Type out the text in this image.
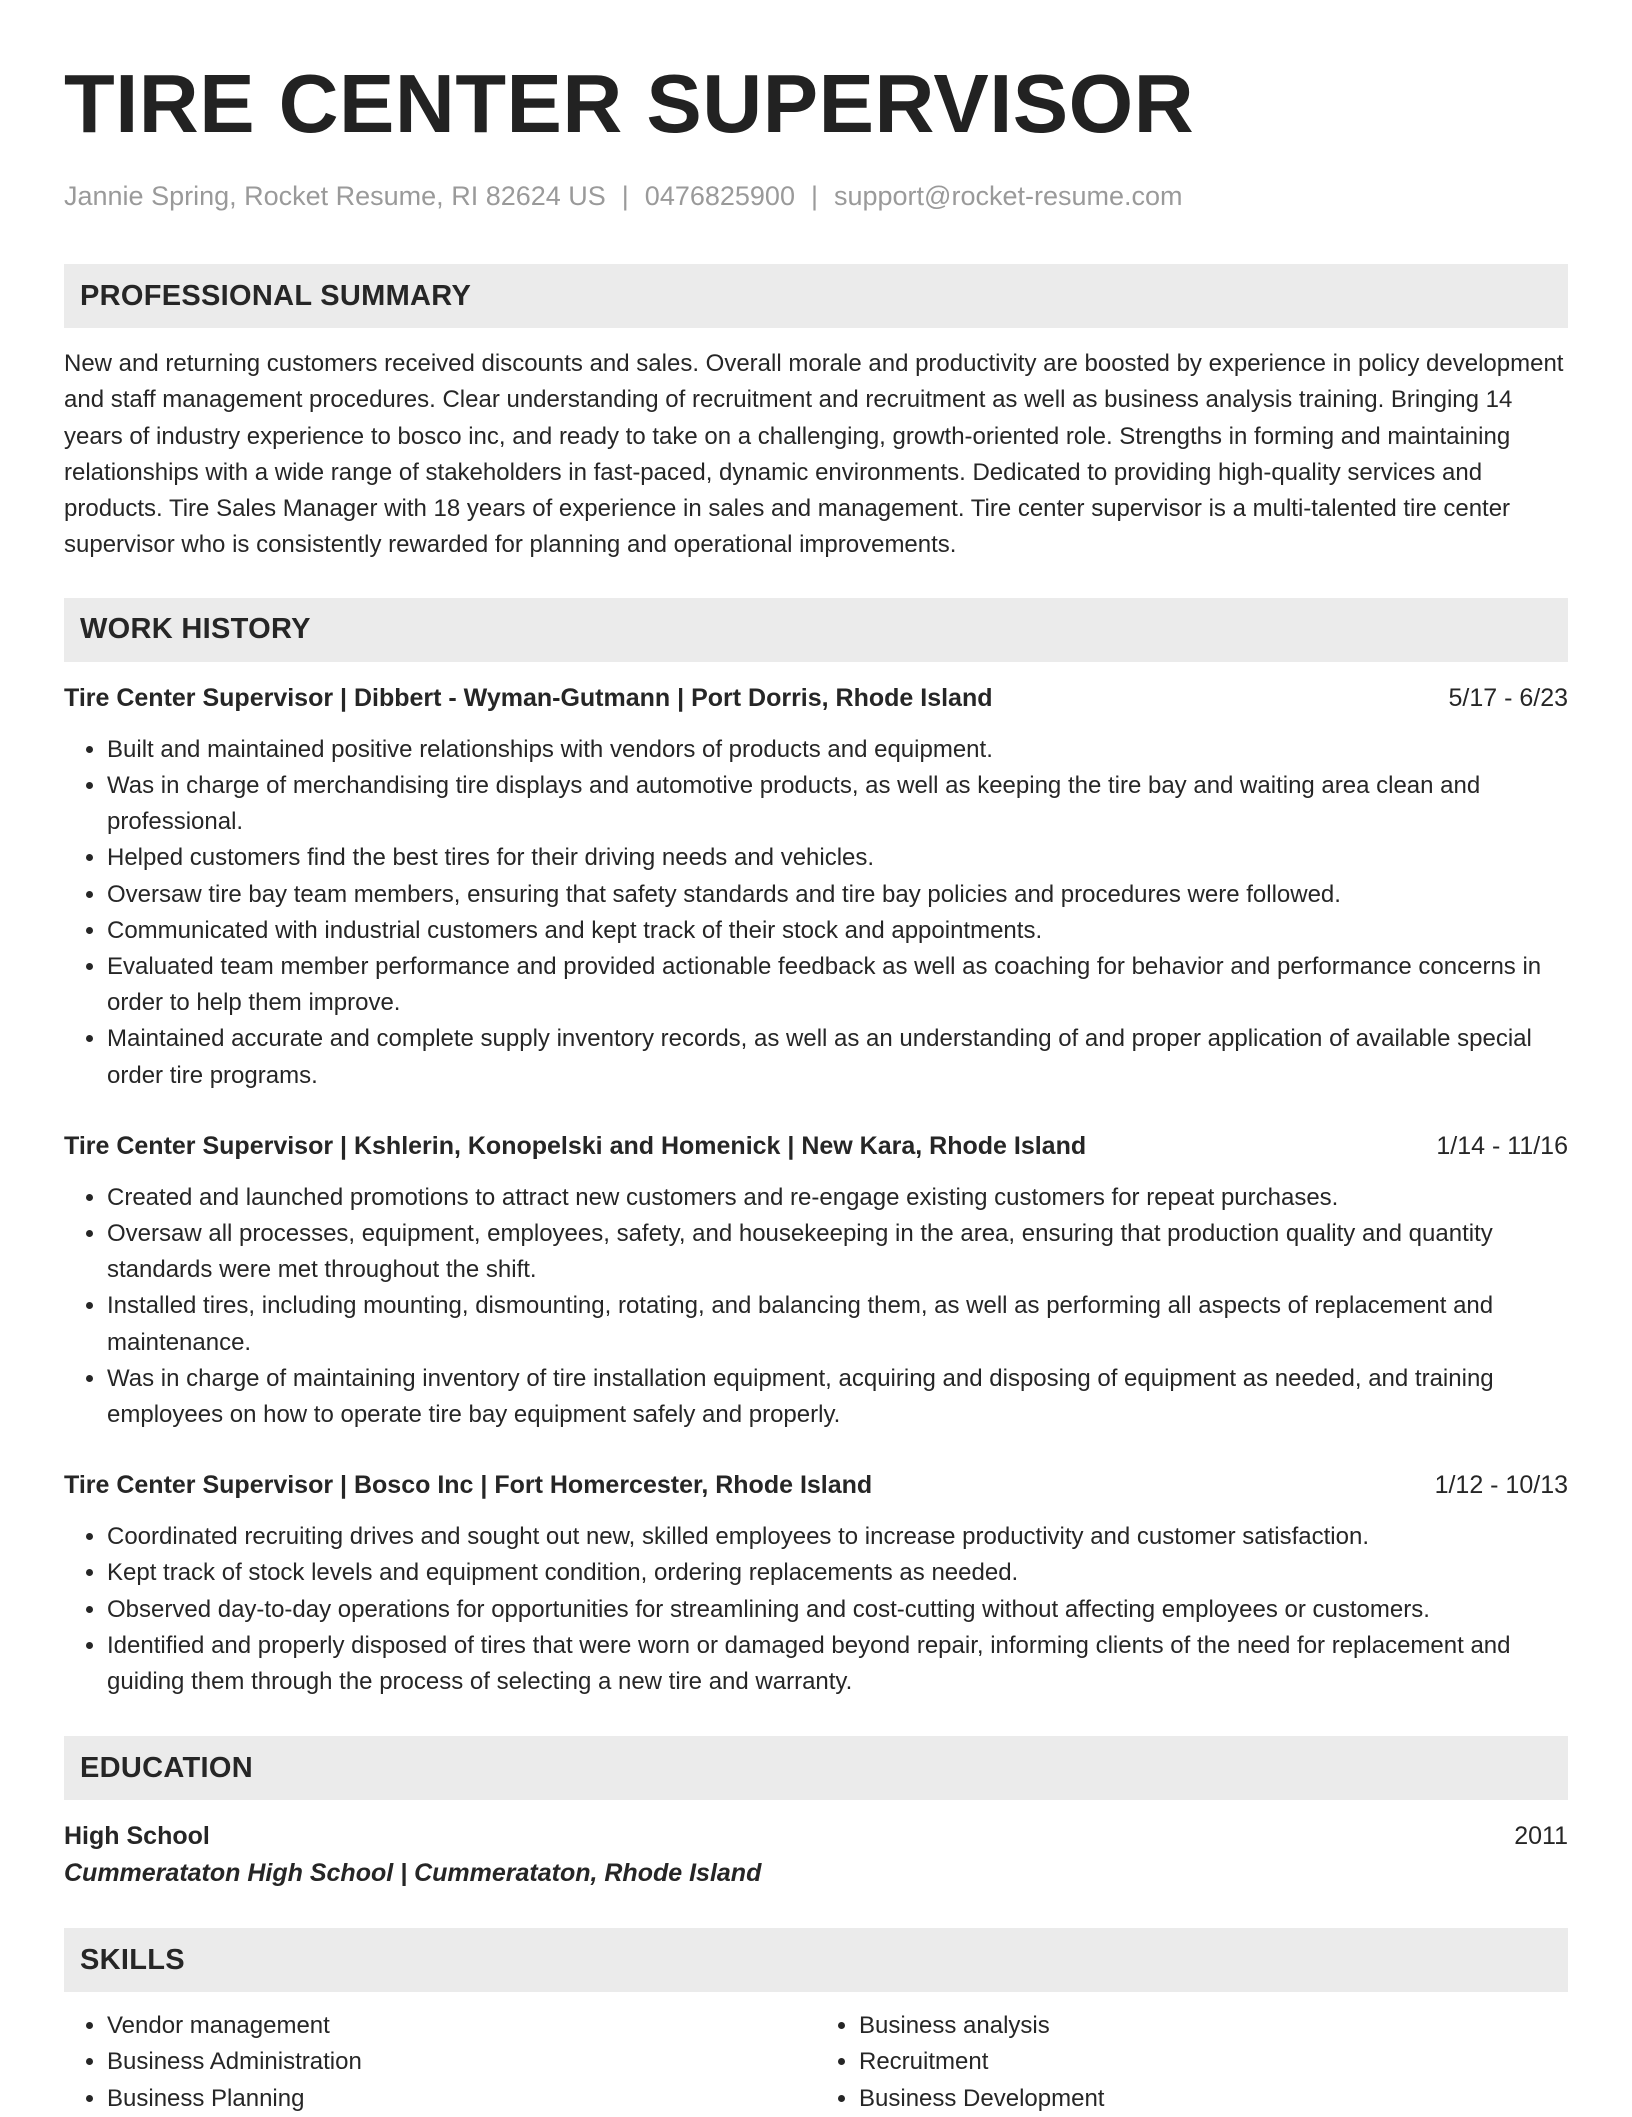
TIRE CENTER SUPERVISOR
Jannie Spring, Rocket Resume, RI 82624 US | 0476825900 | support@rocket-resume.com
PROFESSIONAL SUMMARY
New and returning customers received discounts and sales. Overall morale and productivity are boosted by experience in policy development and staff management procedures. Clear understanding of recruitment and recruitment as well as business analysis training. Bringing 14 years of industry experience to bosco inc, and ready to take on a challenging, growth-oriented role. Strengths in forming and maintaining relationships with a wide range of stakeholders in fast-paced, dynamic environments. Dedicated to providing high-quality services and products. Tire Sales Manager with 18 years of experience in sales and management. Tire center supervisor is a multi-talented tire center supervisor who is consistently rewarded for planning and operational improvements.
WORK HISTORY
Tire Center Supervisor | Dibbert - Wyman-Gutmann | Port Dorris, Rhode Island	5/17 - 6/23
• Built and maintained positive relationships with vendors of products and equipment.
• Was in charge of merchandising tire displays and automotive products, as well as keeping the tire bay and waiting area clean and professional.
• Helped customers find the best tires for their driving needs and vehicles.
• Oversaw tire bay team members, ensuring that safety standards and tire bay policies and procedures were followed.
• Communicated with industrial customers and kept track of their stock and appointments.
• Evaluated team member performance and provided actionable feedback as well as coaching for behavior and performance concerns in order to help them improve.
• Maintained accurate and complete supply inventory records, as well as an understanding of and proper application of available special order tire programs.
Tire Center Supervisor | Kshlerin, Konopelski and Homenick | New Kara, Rhode Island	1/14 - 11/16
• Created and launched promotions to attract new customers and re-engage existing customers for repeat purchases.
• Oversaw all processes, equipment, employees, safety, and housekeeping in the area, ensuring that production quality and quantity standards were met throughout the shift.
• Installed tires, including mounting, dismounting, rotating, and balancing them, as well as performing all aspects of replacement and maintenance.
• Was in charge of maintaining inventory of tire installation equipment, acquiring and disposing of equipment as needed, and training employees on how to operate tire bay equipment safely and properly.
Tire Center Supervisor | Bosco Inc | Fort Homercester, Rhode Island	1/12 - 10/13
• Coordinated recruiting drives and sought out new, skilled employees to increase productivity and customer satisfaction.
• Kept track of stock levels and equipment condition, ordering replacements as needed.
• Observed day-to-day operations for opportunities for streamlining and cost-cutting without affecting employees or customers.
• Identified and properly disposed of tires that were worn or damaged beyond repair, informing clients of the need for replacement and guiding them through the process of selecting a new tire and warranty.
EDUCATION
High School	2011
Cummerataton High School | Cummerataton, Rhode Island
SKILLS
• Vendor management
• Business Administration
• Business Planning
• Business analysis
• Recruitment
• Business Development
